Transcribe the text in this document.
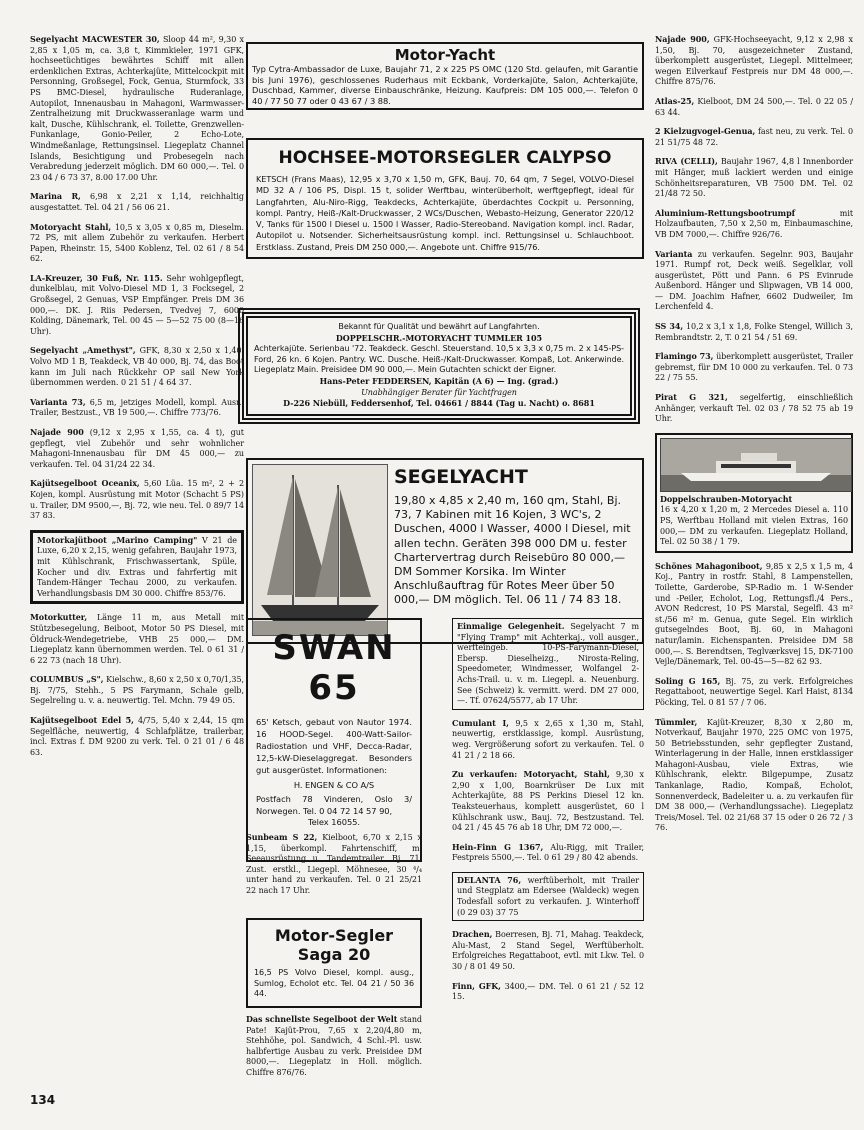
Segelyacht MACWESTER 30, Sloop 44 m², 9,30 x 2,85 x 1,05 m, ca. 3,8 t, Kimmkieler, 1971 GFK, hochseetüchtiges bewährtes Schiff mit allen erdenklichen Extras, Achterkajüte, Mittelcockpit mit Personning, Großsegel, Fock, Genua, Sturmfock, 33 PS BMC-Diesel, hydraulische Ruderanlage, Autopilot, Innenausbau in Mahagoni, Warmwasser-Zentralheizung mit Druckwasseranlage warm und kalt, Dusche, Kühlschrank, el. Toilette, Grenzwellen-Funkanlage, Gonio-Peiler, 2 Echo-Lote, Windmeßanlage, Rettungsinsel. Liegeplatz Channel Islands, Besichtigung und Probesegeln nach Verabredung jederzeit möglich. DM 60 000,—. Tel. 0 23 04 / 6 73 37, 8.00 17.00 Uhr.
Marina R, 6,98 x 2,21 x 1,14, reichhaltig ausgestattet. Tel. 04 21 / 56 06 21.
Motoryacht Stahl, 10,5 x 3,05 x 0,85 m, Dieselm. 72 PS, mit allem Zubehör zu verkaufen. Herbert Papen, Rheinstr. 15, 5400 Koblenz, Tel. 02 61 / 8 54 62.
LA-Kreuzer, 30 Fuß, Nr. 115. Sehr wohlgepflegt, dunkelblau, mit Volvo-Diesel MD 1, 3 Focksegel, 2 Großsegel, 2 Genuas, VSP Empfänger. Preis DM 36 000,—. DK. J. Riis Pedersen, Tvedvej 7, 6000 Kolding, Dänemark, Tel. 00 45 — 5—52 75 00 (8—16 Uhr).
Segelyacht „Amethyst", GFK, 8,30 x 2,50 x 1,40, Volvo MD 1 B, Teakdeck, VB 40 000, Bj. 74, das Boot kann im Juli nach Rückkehr OP sail New York übernommen werden. 0 21 51 / 4 64 37.
Varianta 73, 6,5 m, jetziges Modell, kompl. Ausr., Trailer, Bestzust., VB 19 500,—. Chiffre 773/76.
Najade 900 (9,12 x 2,95 x 1,55, ca. 4 t), gut gepflegt, viel Zubehör und sehr wohnlicher Mahagoni-Innenausbau für DM 45 000,— zu verkaufen. Tel. 04 31/24 22 34.
Kajütsegelboot Oceanix, 5,60 Lüa. 15 m², 2 + 2 Kojen, kompl. Ausrüstung mit Motor (Schacht 5 PS) u. Trailer, DM 9500,—, Bj. 72, wie neu. Tel. 0 89/7 14 37 83.
Motorkajütboot „Marino Camping" V 21 de Luxe, 6,20 x 2,15, wenig gefahren, Baujahr 1973, mit Kühlschrank, Frischwassertank, Spüle, Kocher und div. Extras und fahrfertig mit Tandem-Hänger Techau 2000, zu verkaufen. Verhandlungsbasis DM 30 000. Chiffre 853/76.
Motorkutter, Länge 11 m, aus Metall mit Stützbesegelung, Beiboot, Motor 50 PS Diesel, mit Öldruck-Wendegetriebe, VHB 25 000,— DM. Liegeplatz kann übernommen werden. Tel. 0 61 31 / 6 22 73 (nach 18 Uhr).
COLUMBUS „S", Kielschw., 8,60 x 2,50 x 0,70/1,35, Bj. 7/75, Stehh., 5 PS Farymann, Schale gelb, Segelreling u. v. a. neuwertig. Tel. Mchn. 79 49 05.
Kajütsegelboot Edel 5, 4/75, 5,40 x 2,44, 15 qm Segelfläche, neuwertig, 4 Schlafplätze, trailerbar, incl. Extras f. DM 9200 zu verk. Tel. 0 21 01 / 6 48 63.
Motor-Yacht
Typ Cytra-Ambassador de Luxe, Baujahr 71, 2 x 225 PS OMC (120 Std. gelaufen, mit Garantie bis Juni 1976), geschlossenes Ruderhaus mit Eckbank, Vorderkajüte, Salon, Achterkajüte, Duschbad, Kammer, diverse Einbauschränke, Heizung. Kaufpreis: DM 105 000,—. Telefon 0 40 / 77 50 77 oder 0 43 67 / 3 88.
HOCHSEE-MOTORSEGLER CALYPSO
KETSCH (Frans Maas), 12,95 x 3,70 x 1,50 m, GFK, Bauj. 70, 64 qm, 7 Segel, VOLVO-Diesel MD 32 A / 106 PS, Displ. 15 t, solider Werftbau, winterüberholt, werftgepflegt, ideal für Langfahrten, Alu-Niro-Rigg, Teakdecks, Achterkajüte, überdachtes Cockpit u. Personning, kompl. Pantry, Heiß-/Kalt-Druckwasser, 2 WCs/Duschen, Webasto-Heizung, Generator 220/12 V, Tanks für 1500 l Diesel u. 1500 l Wasser, Radio-Stereoband. Navigation kompl. incl. Radar, Autopilot u. Notsender. Sicherheitsausrüstung kompl. incl. Rettungsinsel u. Schlauchboot. Erstklass. Zustand, Preis DM 250 000,—. Angebote unt. Chiffre 915/76.
Bekannt für Qualität und bewährt auf Langfahrten.
DOPPELSCHR.-MOTORYACHT TUMMLER 105
Achterkajüte. Serienbau '72. Teakdeck. Geschl. Steuerstand. 10,5 x 3,3 x 0,75 m. 2 x 145-PS-Ford, 26 kn. 6 Kojen. Pantry. WC. Dusche. Heiß-/Kalt-Druckwasser. Kompaß, Lot. Ankerwinde. Liegeplatz Main. Preisidee DM 90 000,—. Mein Gutachten schickt der Eigner.
Hans-Peter FEDDERSEN, Kapitän (A 6) — Ing. (grad.)
Unabhängiger Berater für Yachtfragen
D-226 Niebüll, Feddersenhof, Tel. 04661 / 8844 (Tag u. Nacht) o. 8681
SEGELYACHT
19,80 x 4,85 x 2,40 m, 160 qm, Stahl, Bj. 73, 7 Kabinen mit 16 Kojen, 3 WC's, 2 Duschen, 4000 l Wasser, 4000 l Diesel, mit allen techn. Geräten 398 000 DM u. fester Chartervertrag durch Reisebüro 80 000,— DM Sommer Korsika. Im Winter Anschlußauftrag für Rotes Meer über 50 000,— DM möglich. Tel. 06 11 / 74 83 18.
SWAN 65
65' Ketsch, gebaut von Nautor 1974. 16 HOOD-Segel. 400-Watt-Sailor-Radiostation und VHF, Decca-Radar, 12,5-kW-Dieselaggregat. Besonders gut ausgerüstet. Informationen:
H. ENGEN & CO A/S
Postfach 78 Vinderen, Oslo 3/ Norwegen. Tel. 0 04 72 14 57 90,
Telex 16055.
Sunbeam S 22, Kielboot, 6,70 x 2,15 x 1,15, überkompl. Fahrtenschiff, m. Seeausrüstung u. Tandemtrailer, Bj. 71, Zust. erstkl., Liegepl. Möhnesee, 30 ⁴/₄ unter hand zu verkaufen. Tel. 0 21 25/21 22 nach 17 Uhr.
Motor-Segler
Saga 20
16,5 PS Volvo Diesel, kompl. ausg., Sumlog, Echolot etc. Tel. 04 21 / 50 36 44.
Das schnellste Segelboot der Welt stand Pate! Kajüt-Prou, 7,65 x 2,20/4,80 m, Stehhöhe, pol. Sandwich, 4 Schl.-Pl. usw. halbfertige Ausbau zu verk. Preisidee DM 8000,—. Liegeplatz in Holl. möglich. Chiffre 876/76.
Einmalige Gelegenheit. Segelyacht 7 m "Flying Tramp" mit Achterkaj., voll ausger., werfteingeb. 10-PS-Farymann-Diesel, Ebersp. Dieselheizg., Nirosta-Reling, Speedometer, Windmesser, Wolfangel 2-Achs-Trail. u. v. m. Liegepl. a. Neuenburg. See (Schweiz) k. vermitt. werd. DM 27 000,—. Tf. 07624/5577, ab 17 Uhr.
Cumulant I, 9,5 x 2,65 x 1,30 m, Stahl, neuwertig, erstklassige, kompl. Ausrüstung, weg. Vergrößerung sofort zu verkaufen. Tel. 0 41 21 / 2 18 66.
Zu verkaufen: Motoryacht, Stahl, 9,30 x 2,90 x 1,00, Boarnkrüser De Lux mit Achterkajüte, 88 PS Perkins Diesel 12 kn. Teaksteuerhaus, komplett ausgerüstet, 60 l Kühlschrank usw., Bauj. 72, Bestzustand. Tel. 04 21 / 45 45 76 ab 18 Uhr, DM 72 000,—.
Hein-Finn G 1367, Alu-Rigg, mit Trailer, Festpreis 5500,—. Tel. 0 61 29 / 80 42 abends.
DELANTA 76, werftüberholt, mit Trailer und Stegplatz am Edersee (Waldeck) wegen Todesfall sofort zu verkaufen. J. Winterhoff (0 29 03) 37 75
Drachen, Boerresen, Bj. 71, Mahag. Teakdeck, Alu-Mast, 2 Stand Segel, Werftüberholt. Erfolgreiches Regattaboot, evtl. mit Lkw. Tel. 0 30 / 8 01 49 50.
Finn, GFK, 3400,— DM. Tel. 0 61 21 / 52 12 15.
Najade 900, GFK-Hochseeyacht, 9,12 x 2,98 x 1,50, Bj. 70, ausgezeichneter Zustand, überkomplett ausgerüstet, Liegepl. Mittelmeer, wegen Eilverkauf Festpreis nur DM 48 000,—. Chiffre 875/76.
Atlas-25, Kielboot, DM 24 500,—. Tel. 0 22 05 / 63 44.
2 Kielzugvogel-Genua, fast neu, zu verk. Tel. 0 21 51/75 48 72.
RIVA (CELLI), Baujahr 1967, 4,8 l Innenborder mit Hänger, muß lackiert werden und einige Schönheitsreparaturen, VB 7500 DM. Tel. 02 21/48 72 50.
Aluminium-Rettungsbootrumpf	mit Holzaufbauten, 7,50 x 2,50 m, Einbaumaschine, VB DM 7000,—. Chiffre 926/76.
Varianta zu verkaufen. Segelnr. 903, Baujahr 1971. Rumpf rot, Deck weiß. Segelklar, voll ausgerüstet, Pött und Pann. 6 PS Evinrude Außenbord. Hänger und Slipwagen, VB 14 000,— DM. Joachim Hafner, 6602 Dudweiler, Im Lerchenfeld 4.
SS 34, 10,2 x 3,1 x 1,8, Folke Stengel, Willich 3, Rembrandtstr. 2, T. 0 21 54 / 51 69.
Flamingo 73, überkomplett ausgerüstet, Trailer gebremst, für DM 10 000 zu verkaufen. Tel. 0 73 22 / 75 55.
Pirat G 321, segelfertig, einschließlich Anhänger, verkauft Tel. 02 03 / 78 52 75 ab 19 Uhr.
Doppelschrauben-Motoryacht
16 x 4,20 x 1,20 m, 2 Mercedes Diesel a. 110 PS, Werftbau Holland mit vielen Extras, 160 000,— DM zu verkaufen. Liegeplatz Holland, Tel. 02 50 38 / 1 79.
Schönes Mahagoniboot, 9,85 x 2,5 x 1,5 m, 4 Koj., Pantry in rostfr. Stahl, 8 Lampenstellen, Toilette, Garderobe, SP-Radio m. 1 W-Sender und -Peiler, Echolot, Log, Rettungsfl./4 Pers., AVON Redcrest, 10 PS Marstal, Segelfl. 43 m² st./56 m² m. Genua, gute Segel. Ein wirklich gutsegelndes Boot, Bj. 60, in Mahagoni natur/lamin. Eichenspanten. Preisidee DM 58 000,—. S. Berendtsen, Teglværksvej 15, DK-7100 Vejle/Dänemark, Tel. 00-45—5—82 62 93.
Soling G 165, Bj. 75, zu verk. Erfolgreiches Regattaboot, neuwertige Segel. Karl Haist, 8134 Pöcking, Tel. 0 81 57 / 7 06.
Tümmler, Kajüt-Kreuzer, 8,30 x 2,80 m, Notverkauf, Baujahr 1970, 225 OMC von 1975, 50 Betriebsstunden, sehr gepflegter Zustand, Winterlagerung in der Halle, innen erstklassiger Mahagoni-Ausbau, viele Extras, wie Kühlschrank, elektr. Bilgepumpe, Zusatz Tankanlage, Radio, Kompaß, Echolot, Sonnenverdeck, Badeleiter u. a. zu verkaufen für DM 38 000,— (Verhandlungssache). Liegeplatz Treis/Mosel. Tel. 02 21/68 37 15 oder 0 26 72 / 3 76.
134
